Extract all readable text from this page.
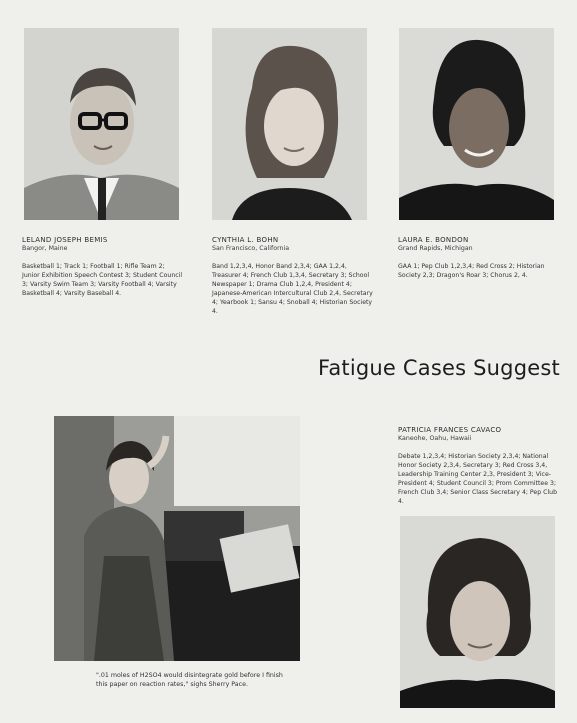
LELAND JOSEPH BEMIS
Bangor, Maine
Basketball 1; Track 1; Football 1; Rifle Team 2; Junior Exhibition Speech Contest 3; Student Council 3; Varsity Swim Team 3; Varsity Football 4; Varsity Basketball 4; Varsity Baseball 4.
CYNTHIA L. BOHN
San Francisco, California
Band 1,2,3,4, Honor Band 2,3,4; GAA 1,2,4, Treasurer 4; French Club 1,3,4, Secretary 3; School Newspaper 1; Drama Club 1,2,4, President 4; Japanese-American Intercultural Club 2,4, Secretary 4; Yearbook 1; Sansu 4; Snoball 4; Historian Society 4.
LAURA E. BONDON
Grand Rapids, Michigan
GAA 1; Pep Club 1,2,3,4; Red Cross 2; Historian Society 2,3; Dragon's Roar 3; Chorus 2, 4.
Fatigue Cases Suggest
".01 moles of H2SO4 would disintegrate gold before I finish this paper on reaction rates," sighs Sherry Pace.
PATRICIA FRANCES CAVACO
Kaneohe, Oahu, Hawaii
Debate 1,2,3,4; Historian Society 2,3,4; National Honor Society 2,3,4, Secretary 3; Red Cross 3,4, Leadership Training Center 2,3, President 3; Vice-President 4; Student Council 3; Prom Committee 3; French Club 3,4; Senior Class Secretary 4; Pep Club 4.
